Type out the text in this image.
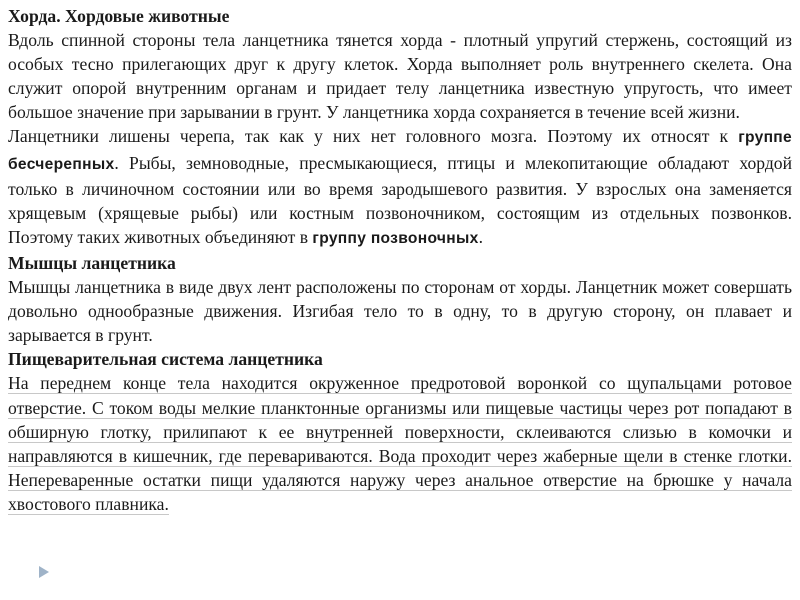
Хорда. Хордовые животные

Вдоль спинной стороны тела ланцетника тянется хорда - плотный упругий стержень, состоящий из особых тесно прилегающих друг к другу клеток. Хорда выполняет роль внутреннего скелета. Она служит опорой внутренним органам и придает телу ланцетника известную упругость, что имеет большое значение при зарывании в грунт. У ланцетника хорда сохраняется в течение всей жизни.

Ланцетники лишены черепа, так как у них нет головного мозга. Поэтому их относят к группе бесчерепных. Рыбы, земноводные, пресмыкающиеся, птицы и млекопитающие обладают хордой только в личиночном состоянии или во время зародышевого развития. У взрослых она заменяется хрящевым (хрящевые рыбы) или костным позвоночником, состоящим из отдельных позвонков. Поэтому таких животных объединяют в группу позвоночных.

Мышцы ланцетника

Мышцы ланцетника в виде двух лент расположены по сторонам от хорды. Ланцетник может совершать довольно однообразные движения. Изгибая тело то в одну, то в другую сторону, он плавает и зарывается в грунт.

Пищеварительная система ланцетника

На переднем конце тела находится окруженное предротовой воронкой со щупальцами ротовое отверстие. С током воды мелкие планктонные организмы или пищевые частицы через рот попадают в обширную глотку, прилипают к ее внутренней поверхности, склеиваются слизью в комочки и направляются в кишечник, где перевариваются. Вода проходит через жаберные щели в стенке глотки. Непереваренные остатки пищи удаляются наружу через анальное отверстие на брюшке у начала хвостового плавника.
